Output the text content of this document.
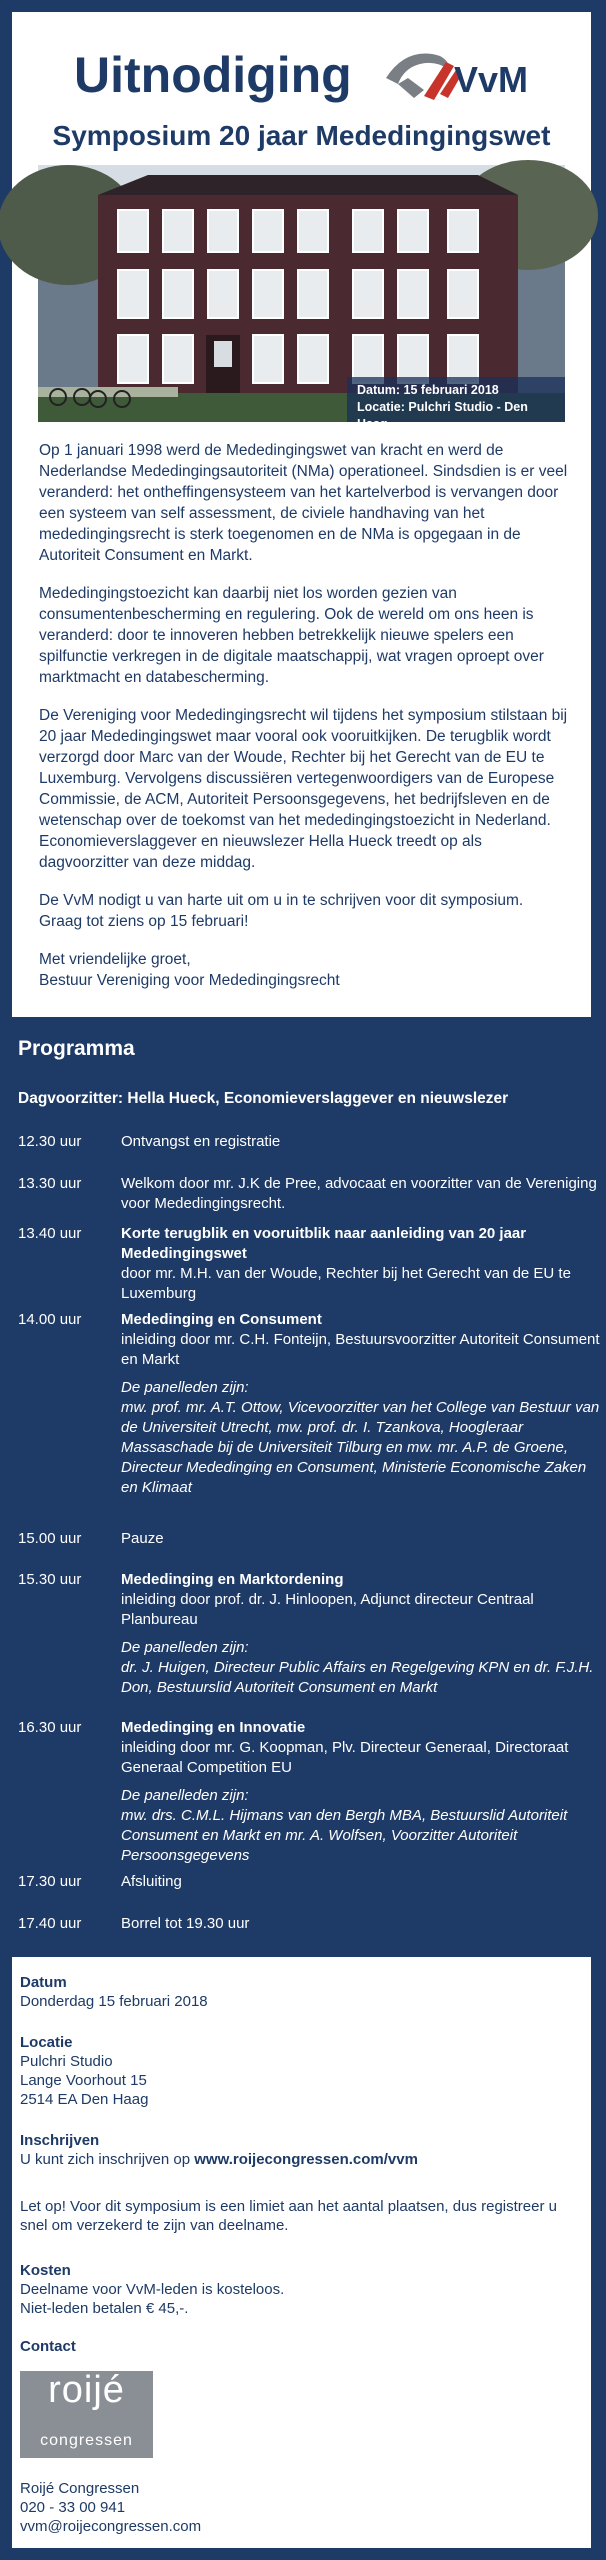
Uitnodiging	VvM
Symposium 20 jaar Mededingingswet
Datum: 15 februari 2018
Locatie: Pulchri Studio - Den Haag

Op 1 januari 1998 werd de Mededingingswet van kracht en werd de Nederlandse Mededingingsautoriteit (NMa) operationeel. Sindsdien is er veel veranderd: het ontheffingensysteem van het kartelverbod is vervangen door een systeem van self assessment, de civiele handhaving van het mededingingsrecht is sterk toegenomen en de NMa is opgegaan in de Autoriteit Consument en Markt.

Mededingingstoezicht kan daarbij niet los worden gezien van consumentenbescherming en regulering. Ook de wereld om ons heen is veranderd: door te innoveren hebben betrekkelijk nieuwe spelers een spilfunctie verkregen in de digitale maatschappij, wat vragen oproept over marktmacht en databescherming.

De Vereniging voor Mededingingsrecht wil tijdens het symposium stilstaan bij 20 jaar Mededingingswet maar vooral ook vooruitkijken. De terugblik wordt verzorgd door Marc van der Woude, Rechter bij het Gerecht van de EU te Luxemburg. Vervolgens discussiëren vertegenwoordigers van de Europese Commissie, de ACM, Autoriteit Persoonsgegevens, het bedrijfsleven en de wetenschap over de toekomst van het mededingingstoezicht in Nederland. Economieverslaggever en nieuwslezer Hella Hueck treedt op als dagvoorzitter van deze middag.

De VvM nodigt u van harte uit om u in te schrijven voor dit symposium. Graag tot ziens op 15 februari!

Met vriendelijke groet,
Bestuur Vereniging voor Mededingingsrecht

Programma
Dagvoorzitter: Hella Hueck, Economieverslaggever en nieuwslezer
12.30 uur	Ontvangst en registratie
13.30 uur	Welkom door mr. J.K de Pree, advocaat en voorzitter van de Vereniging voor Mededingingsrecht.
13.40 uur	Korte terugblik en vooruitblik naar aanleiding van 20 jaar Mededingingswet
door mr. M.H. van der Woude, Rechter bij het Gerecht van de EU te Luxemburg
14.00 uur	Mededinging en Consument
inleiding door mr. C.H. Fonteijn, Bestuursvoorzitter Autoriteit Consument en Markt
De panelleden zijn:
mw. prof. mr. A.T. Ottow, Vicevoorzitter van het College van Bestuur van de Universiteit Utrecht, mw. prof. dr. I. Tzankova, Hoogleraar Massaschade bij de Universiteit Tilburg en mw. mr. A.P. de Groene, Directeur Mededinging en Consument, Ministerie Economische Zaken en Klimaat
15.00 uur	Pauze
15.30 uur	Mededinging en Marktordening
inleiding door prof. dr. J. Hinloopen, Adjunct directeur Centraal Planbureau
De panelleden zijn:
dr. J. Huigen, Directeur Public Affairs en Regelgeving KPN en dr. F.J.H. Don, Bestuurslid Autoriteit Consument en Markt
16.30 uur	Mededinging en Innovatie
inleiding door mr. G. Koopman, Plv. Directeur Generaal, Directoraat Generaal Competition EU
De panelleden zijn:
mw. drs. C.M.L. Hijmans van den Bergh MBA, Bestuurslid Autoriteit Consument en Markt en mr. A. Wolfsen, Voorzitter Autoriteit Persoonsgegevens
17.30 uur	Afsluiting
17.40 uur	Borrel tot 19.30 uur
Datum
Donderdag 15 februari 2018
Locatie
Pulchri Studio
Lange Voorhout 15
2514 EA Den Haag
Inschrijven
U kunt zich inschrijven op www.roijecongressen.com/vvm
Let op! Voor dit symposium is een limiet aan het aantal plaatsen, dus registreer u snel om verzekerd te zijn van deelname.
Kosten
Deelname voor VvM-leden is kosteloos.
Niet-leden betalen € 45,-.
Contact
roijé
congressen
Roijé Congressen
020 - 33 00 941
vvm@roijecongressen.com
